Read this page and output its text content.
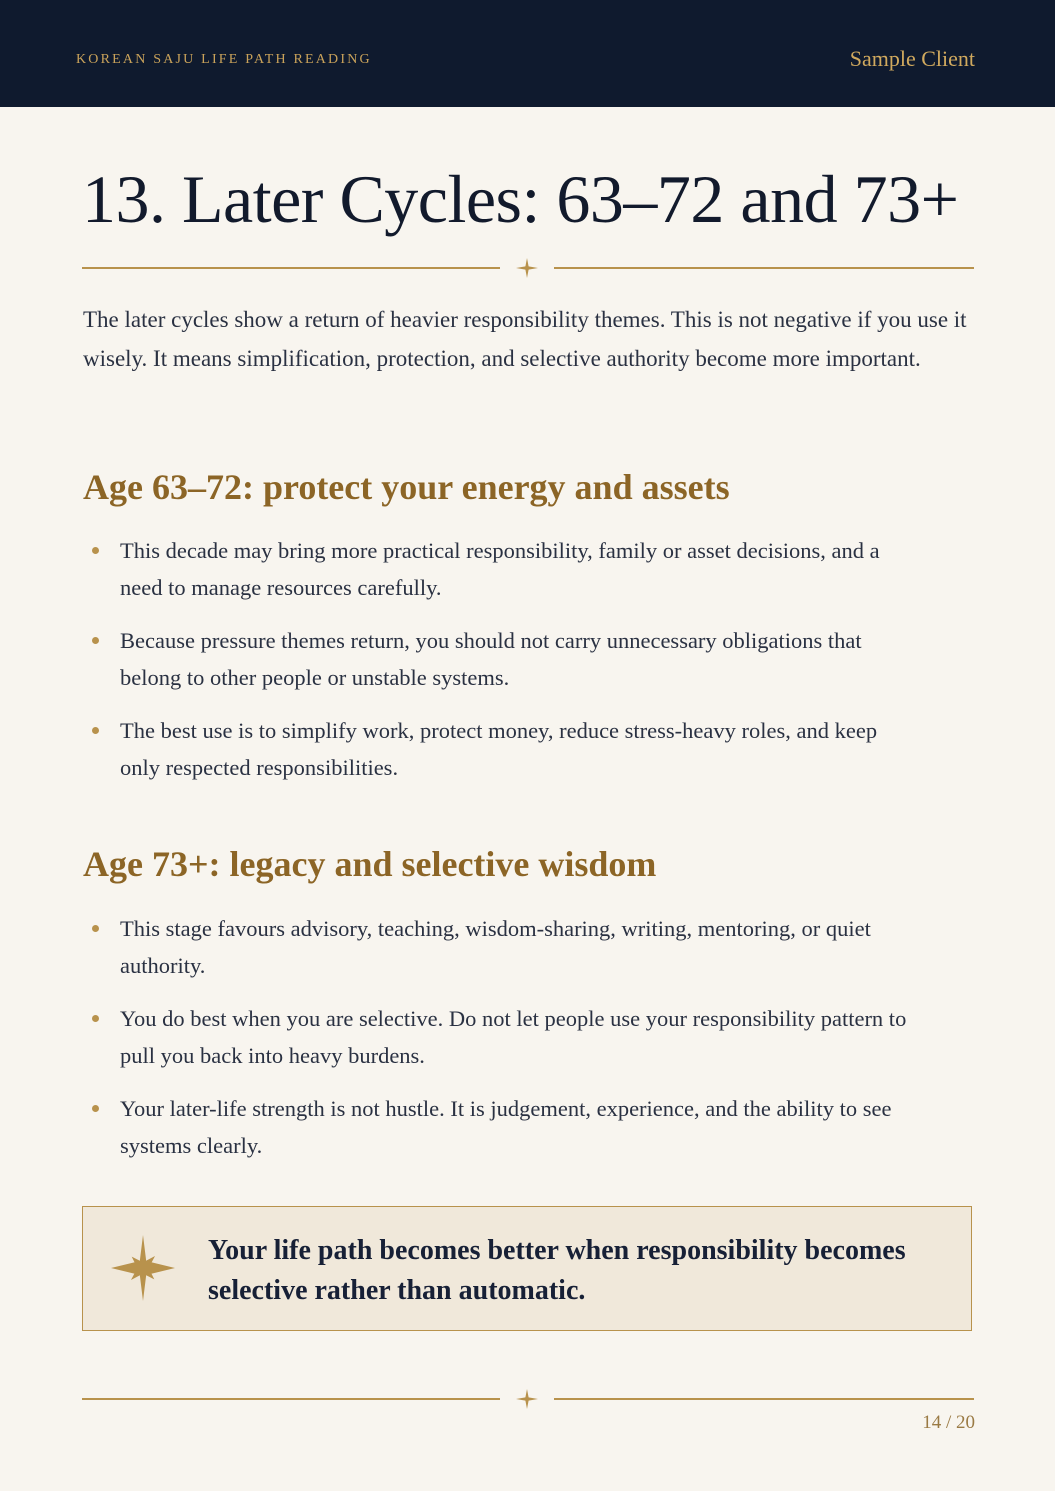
KOREAN SAJU LIFE PATH READING	Sample Client
13. Later Cycles: 63–72 and 73+

The later cycles show a return of heavier responsibility themes. This is not negative if you use it wisely. It means simplification, protection, and selective authority become more important.

Age 63–72: protect your energy and assets
This decade may bring more practical responsibility, family or asset decisions, and a need to manage resources carefully.
Because pressure themes return, you should not carry unnecessary obligations that belong to other people or unstable systems.
The best use is to simplify work, protect money, reduce stress-heavy roles, and keep only respected responsibilities.
Age 73+: legacy and selective wisdom
This stage favours advisory, teaching, wisdom-sharing, writing, mentoring, or quiet authority.
You do best when you are selective. Do not let people use your responsibility pattern to pull you back into heavy burdens.
Your later-life strength is not hustle. It is judgement, experience, and the ability to see systems clearly.
Your life path becomes better when responsibility becomes selective rather than automatic.
14 / 20
